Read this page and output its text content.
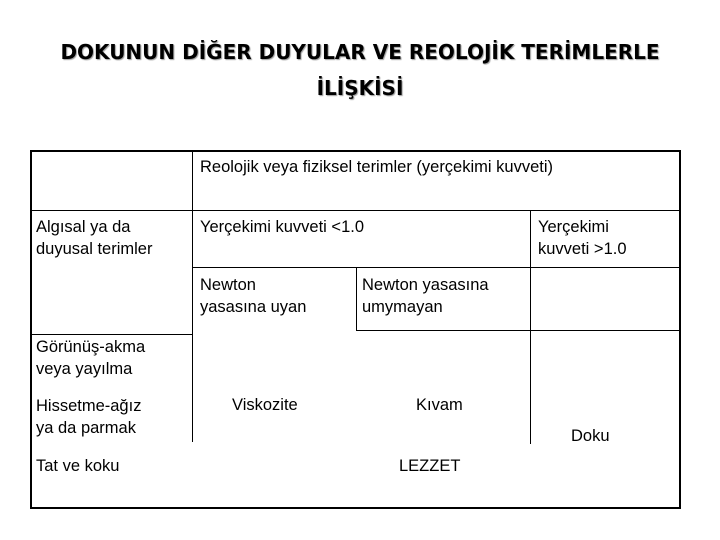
DOKUNUN DİĞER DUYULAR VE REOLOJİK TERİMLERLE
İLİŞKİSİ
Reolojik veya fiziksel terimler (yerçekimi kuvveti)
Algısal ya da
duyusal terimler
Yerçekimi kuvveti <1.0	Yerçekimi
kuvveti >1.0
Newton
yasasına uyan
Newton yasasına
umymayan
Görünüş-akma
veya yayılma
Hissetme-ağız
ya da parmak
Tat ve koku
Viskozite	Kıvam
Doku
LEZZET
